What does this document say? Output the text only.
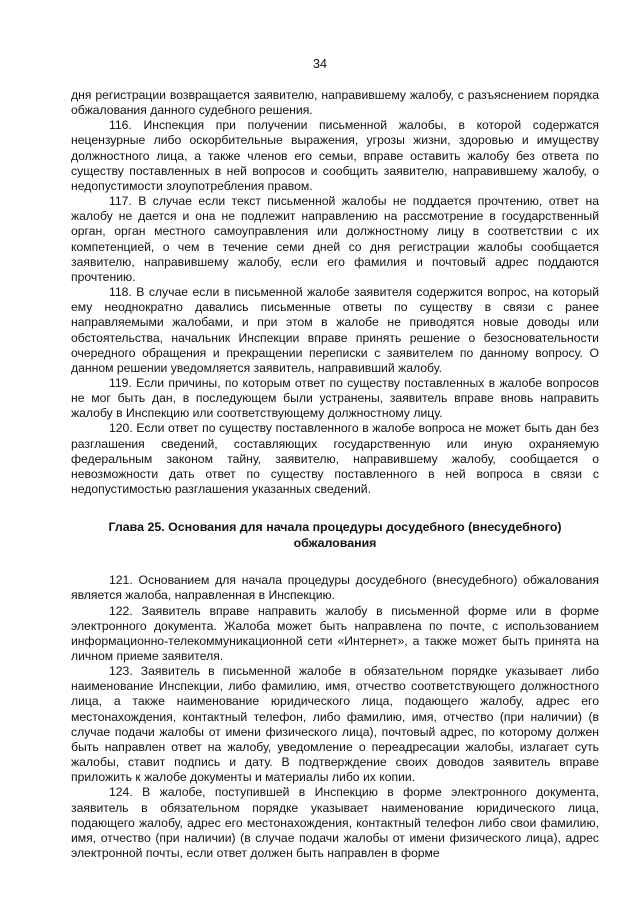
34

дня регистрации возвращается заявителю, направившему жалобу, с разъяснением порядка обжалования данного судебного решения.

116. Инспекция при получении письменной жалобы, в которой содержатся нецензурные либо оскорбительные выражения, угрозы жизни, здоровью и имуществу должностного лица, а также членов его семьи, вправе оставить жалобу без ответа по существу поставленных в ней вопросов и сообщить заявителю, направившему жалобу, о недопустимости злоупотребления правом.

117. В случае если текст письменной жалобы не поддается прочтению, ответ на жалобу не дается и она не подлежит направлению на рассмотрение в государственный орган, орган местного самоуправления или должностному лицу в соответствии с их компетенцией, о чем в течение семи дней со дня регистрации жалобы сообщается заявителю, направившему жалобу, если его фамилия и почтовый адрес поддаются прочтению.

118. В случае если в письменной жалобе заявителя содержится вопрос, на который ему неоднократно давались письменные ответы по существу в связи с ранее направляемыми жалобами, и при этом в жалобе не приводятся новые доводы или обстоятельства, начальник Инспекции вправе принять решение о безосновательности очередного обращения и прекращении переписки с заявителем по данному вопросу. О данном решении уведомляется заявитель, направивший жалобу.

119. Если причины, по которым ответ по существу поставленных в жалобе вопросов не мог быть дан, в последующем были устранены, заявитель вправе вновь направить жалобу в Инспекцию или соответствующему должностному лицу.

120. Если ответ по существу поставленного в жалобе вопроса не может быть дан без разглашения сведений, составляющих государственную или иную охраняемую федеральным законом тайну, заявителю, направившему жалобу, сообщается о невозможности дать ответ по существу поставленного в ней вопроса в связи с недопустимостью разглашения указанных сведений.

Глава 25. Основания для начала процедуры досудебного (внесудебного) обжалования

121. Основанием для начала процедуры досудебного (внесудебного) обжалования является жалоба, направленная в Инспекцию.

122. Заявитель вправе направить жалобу в письменной форме или в форме электронного документа. Жалоба может быть направлена по почте, с использованием информационно-телекоммуникационной сети «Интернет», а также может быть принята на личном приеме заявителя.

123. Заявитель в письменной жалобе в обязательном порядке указывает либо наименование Инспекции, либо фамилию, имя, отчество соответствующего должностного лица, а также наименование юридического лица, подающего жалобу, адрес его местонахождения, контактный телефон, либо фамилию, имя, отчество (при наличии) (в случае подачи жалобы от имени физического лица), почтовый адрес, по которому должен быть направлен ответ на жалобу, уведомление о переадресации жалобы, излагает суть жалобы, ставит подпись и дату. В подтверждение своих доводов заявитель вправе приложить к жалобе документы и материалы либо их копии.

124. В жалобе, поступившей в Инспекцию в форме электронного документа, заявитель в обязательном порядке указывает наименование юридического лица, подающего жалобу, адрес его местонахождения, контактный телефон либо свои фамилию, имя, отчество (при наличии) (в случае подачи жалобы от имени физического лица), адрес электронной почты, если ответ должен быть направлен в форме
